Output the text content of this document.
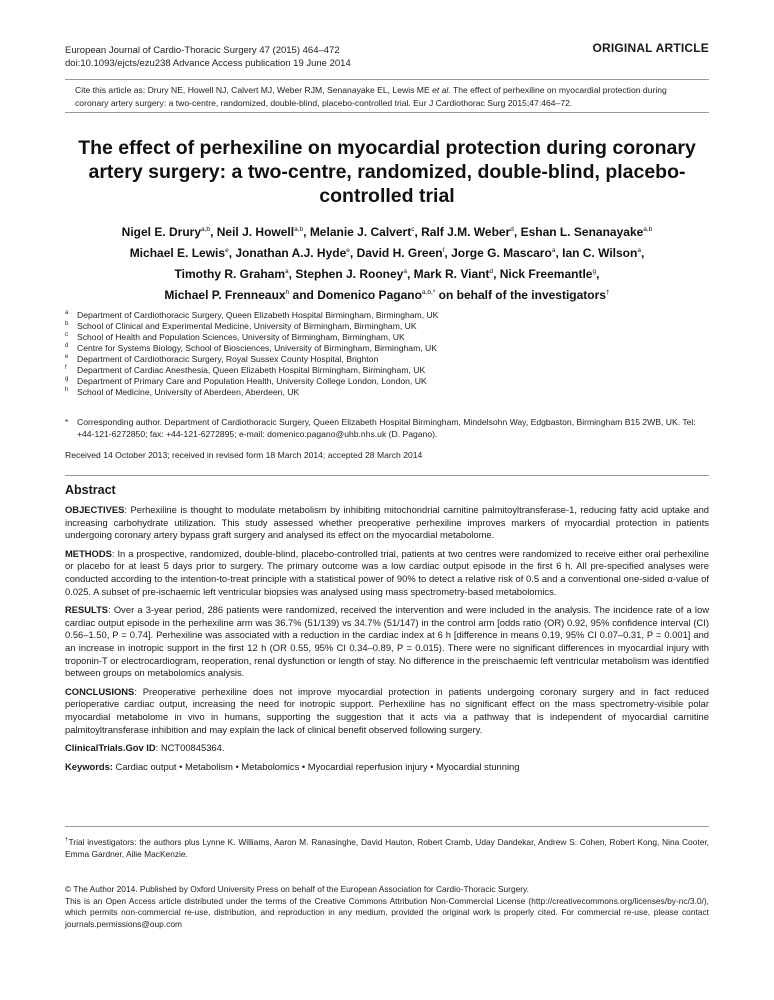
European Journal of Cardio-Thoracic Surgery 47 (2015) 464–472
doi:10.1093/ejcts/ezu238 Advance Access publication 19 June 2014
ORIGINAL ARTICLE
Cite this article as: Drury NE, Howell NJ, Calvert MJ, Weber RJM, Senanayake EL, Lewis ME et al. The effect of perhexiline on myocardial protection during coronary artery surgery: a two-centre, randomized, double-blind, placebo-controlled trial. Eur J Cardiothorac Surg 2015;47:464–72.
The effect of perhexiline on myocardial protection during coronary artery surgery: a two-centre, randomized, double-blind, placebo-controlled trial
Nigel E. Drury$^{a,b}$, Neil J. Howell$^{a,b}$, Melanie J. Calvert$^c$, Ralf J.M. Weber$^d$, Eshan L. Senanayake$^{a,b}$
Michael E. Lewis$^e$, Jonathan A.J. Hyde$^e$, David H. Green$^f$, Jorge G. Mascaro$^a$, Ian C. Wilson$^a$,
Timothy R. Graham$^a$, Stephen J. Rooney$^a$, Mark R. Viant$^d$, Nick Freemantle$^g$,
Michael P. Frenneaux$^h$ and Domenico Pagano$^{a,b,*}$ on behalf of the investigators†
a Department of Cardiothoracic Surgery, Queen Elizabeth Hospital Birmingham, Birmingham, UK
b School of Clinical and Experimental Medicine, University of Birmingham, Birmingham, UK
c School of Health and Population Sciences, University of Birmingham, Birmingham, UK
d Centre for Systems Biology, School of Biosciences, University of Birmingham, Birmingham, UK
e Department of Cardiothoracic Surgery, Royal Sussex County Hospital, Brighton
f Department of Cardiac Anesthesia, Queen Elizabeth Hospital Birmingham, Birmingham, UK
g Department of Primary Care and Population Health, University College London, London, UK
h School of Medicine, University of Aberdeen, Aberdeen, UK
* Corresponding author. Department of Cardiothoracic Surgery, Queen Elizabeth Hospital Birmingham, Mindelsohn Way, Edgbaston, Birmingham B15 2WB, UK. Tel: +44-121-6272850; fax: +44-121-6272895; e-mail: domenico.pagano@uhb.nhs.uk (D. Pagano).
Received 14 October 2013; received in revised form 18 March 2014; accepted 28 March 2014
Abstract

OBJECTIVES: Perhexiline is thought to modulate metabolism by inhibiting mitochondrial carnitine palmitoyltransferase-1, reducing fatty acid uptake and increasing carbohydrate utilization. This study assessed whether preoperative perhexiline improves markers of myocardial protection in patients undergoing coronary artery bypass graft surgery and analysed its effect on the myocardial metabolome.

METHODS: In a prospective, randomized, double-blind, placebo-controlled trial, patients at two centres were randomized to receive either oral perhexiline or placebo for at least 5 days prior to surgery. The primary outcome was a low cardiac output episode in the first 6 h. All pre-specified analyses were conducted according to the intention-to-treat principle with a statistical power of 90% to detect a relative risk of 0.5 and a conventional one-sided α-value of 0.025. A subset of pre-ischaemic left ventricular biopsies was analysed using mass spectrometry-based metabolomics.

RESULTS: Over a 3-year period, 286 patients were randomized, received the intervention and were included in the analysis. The incidence rate of a low cardiac output episode in the perhexiline arm was 36.7% (51/139) vs 34.7% (51/147) in the control arm [odds ratio (OR) 0.92, 95% confidence interval (CI) 0.56–1.50, P = 0.74]. Perhexiline was associated with a reduction in the cardiac index at 6 h [difference in means 0.19, 95% CI 0.07–0.31, P = 0.001] and an increase in inotropic support in the first 12 h (OR 0.55, 95% CI 0.34–0.89, P = 0.015). There were no significant differences in myocardial injury with troponin-T or electrocardiogram, reoperation, renal dysfunction or length of stay. No difference in the preischaemic left ventricular metabolism was identified between groups on metabolomics analysis.

CONCLUSIONS: Preoperative perhexiline does not improve myocardial protection in patients undergoing coronary surgery and in fact reduced perioperative cardiac output, increasing the need for inotropic support. Perhexiline has no significant effect on the mass spectrometry-visible polar myocardial metabolome in vivo in humans, supporting the suggestion that it acts via a pathway that is independent of myocardial carnitine palmitoyltransferase inhibition and may explain the lack of clinical benefit observed following surgery.

ClinicalTrials.Gov ID: NCT00845364.

Keywords: Cardiac output • Metabolism • Metabolomics • Myocardial reperfusion injury • Myocardial stunning

†Trial investigators: the authors plus Lynne K. Williams, Aaron M. Ranasinghe, David Hauton, Robert Cramb, Uday Dandekar, Andrew S. Cohen, Robert Kong, Nina Cooter, Emma Gardner, Ailie MacKenzie.

© The Author 2014. Published by Oxford University Press on behalf of the European Association for Cardio-Thoracic Surgery.

This is an Open Access article distributed under the terms of the Creative Commons Attribution Non-Commercial License (http://creativecommons.org/licenses/by-nc/3.0/), which permits non-commercial re-use, distribution, and reproduction in any medium, provided the original work is properly cited. For commercial re-use, please contact journals.permissions@oup.com
